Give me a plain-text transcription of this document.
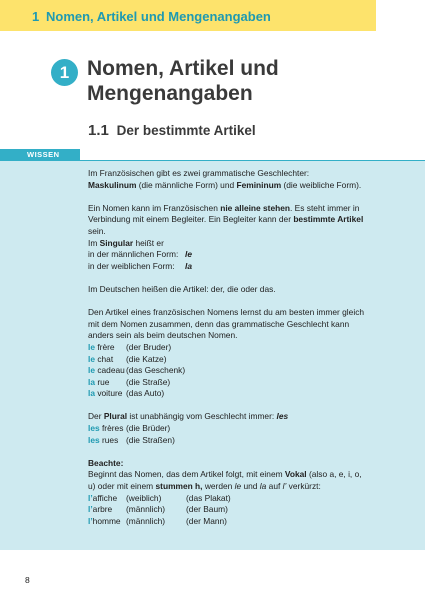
1 Nomen, Artikel und Mengenangaben
1 Nomen, Artikel und Mengenangaben
1.1 Der bestimmte Artikel
WISSEN

Im Französischen gibt es zwei grammatische Geschlechter:
Maskulinum (die männliche Form) und Femininum (die weibliche Form).

Ein Nomen kann im Französischen nie alleine stehen. Es steht immer in Verbindung mit einem Begleiter. Ein Begleiter kann der bestimmte Artikel sein.

Im Singular heißt er

in der männlichen Form: le
in der weiblichen Form:	la

Im Deutschen heißen die Artikel: der, die oder das.

Den Artikel eines französischen Nomens lernst du am besten immer gleich mit dem Nomen zusammen, denn das grammatische Geschlecht kann anders sein als beim deutschen Nomen.

le frère	(der Bruder)
le chat	(die Katze)
le cadeau (das Geschenk)
la rue	(die Straße)
la voiture (das Auto)

Der Plural ist unabhängig vom Geschlecht immer: les

les frères (die Brüder)
les rues (die Straßen)

Beachte:

Beginnt das Nomen, das dem Artikel folgt, mit einem Vokal (also a, e, i, o, u) oder mit einem stummen h, werden le und la auf l’ verkürzt:

l’affiche	(weiblich)	(das Plakat)
l’arbre	(männlich)	(der Baum)
l’homme (männlich)	(der Mann)
8
